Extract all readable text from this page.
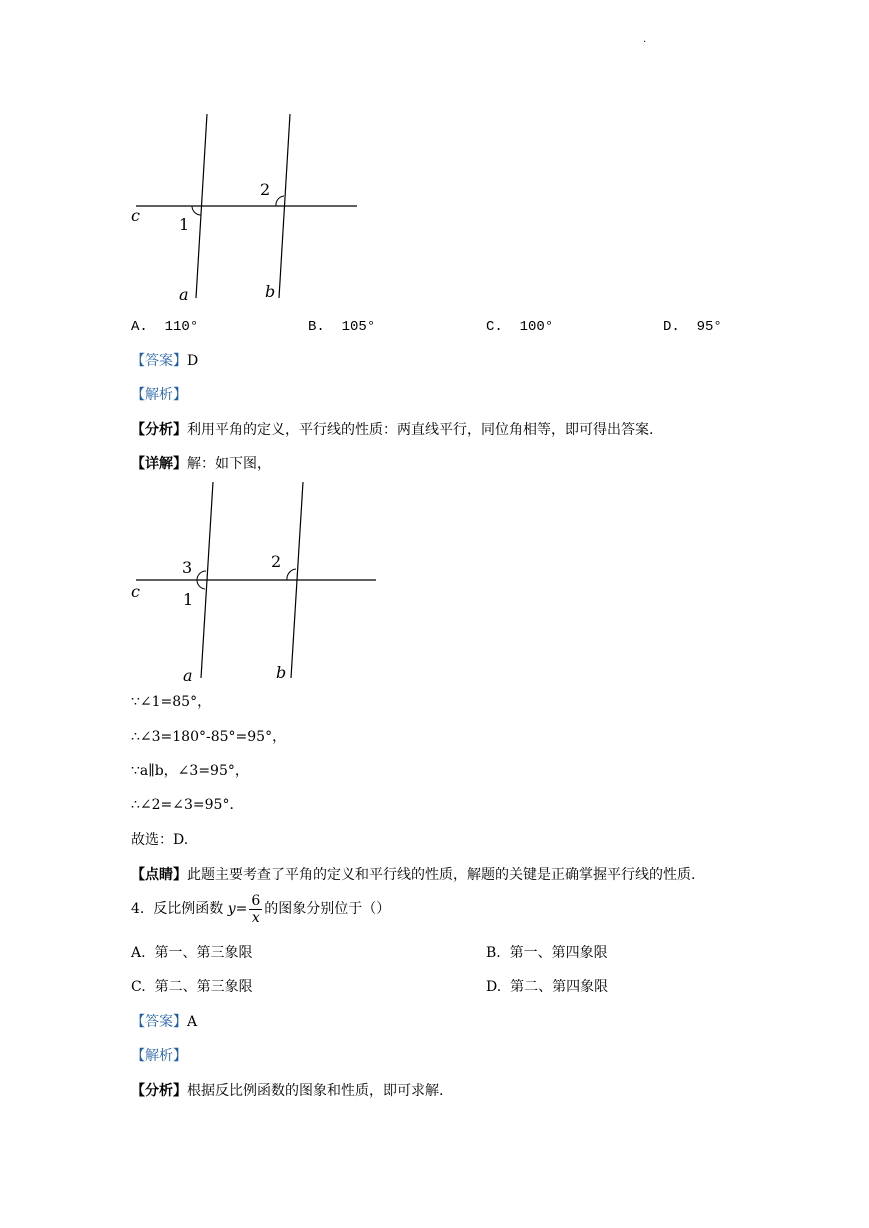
.
c 1
2
a	b
A. 110°	B. 105°	C. 100°	D. 95°
【答案】D
【解析】
【分析】利用平角的定义，平行线的性质：两直线平行，同位角相等，即可得出答案.
【详解】解：如下图，
c
3
1
2
a	b
∵∠1=85°，
∴∠3=180°-85°=95°，
∵a∥b，∠3=95°，
∴∠2=∠3=95°．
故选：D.
【点睛】此题主要考查了平角的定义和平行线的性质，解题的关键是正确掌握平行线的性质.
4. 反比例函数 $y= \frac{6}{x}$ 的图象分别位于（）
A. 第一、第三象限	B. 第一、第四象限
C. 第二、第三象限	D. 第二、第四象限
【答案】A
【解析】
【分析】根据反比例函数的图象和性质，即可求解.
